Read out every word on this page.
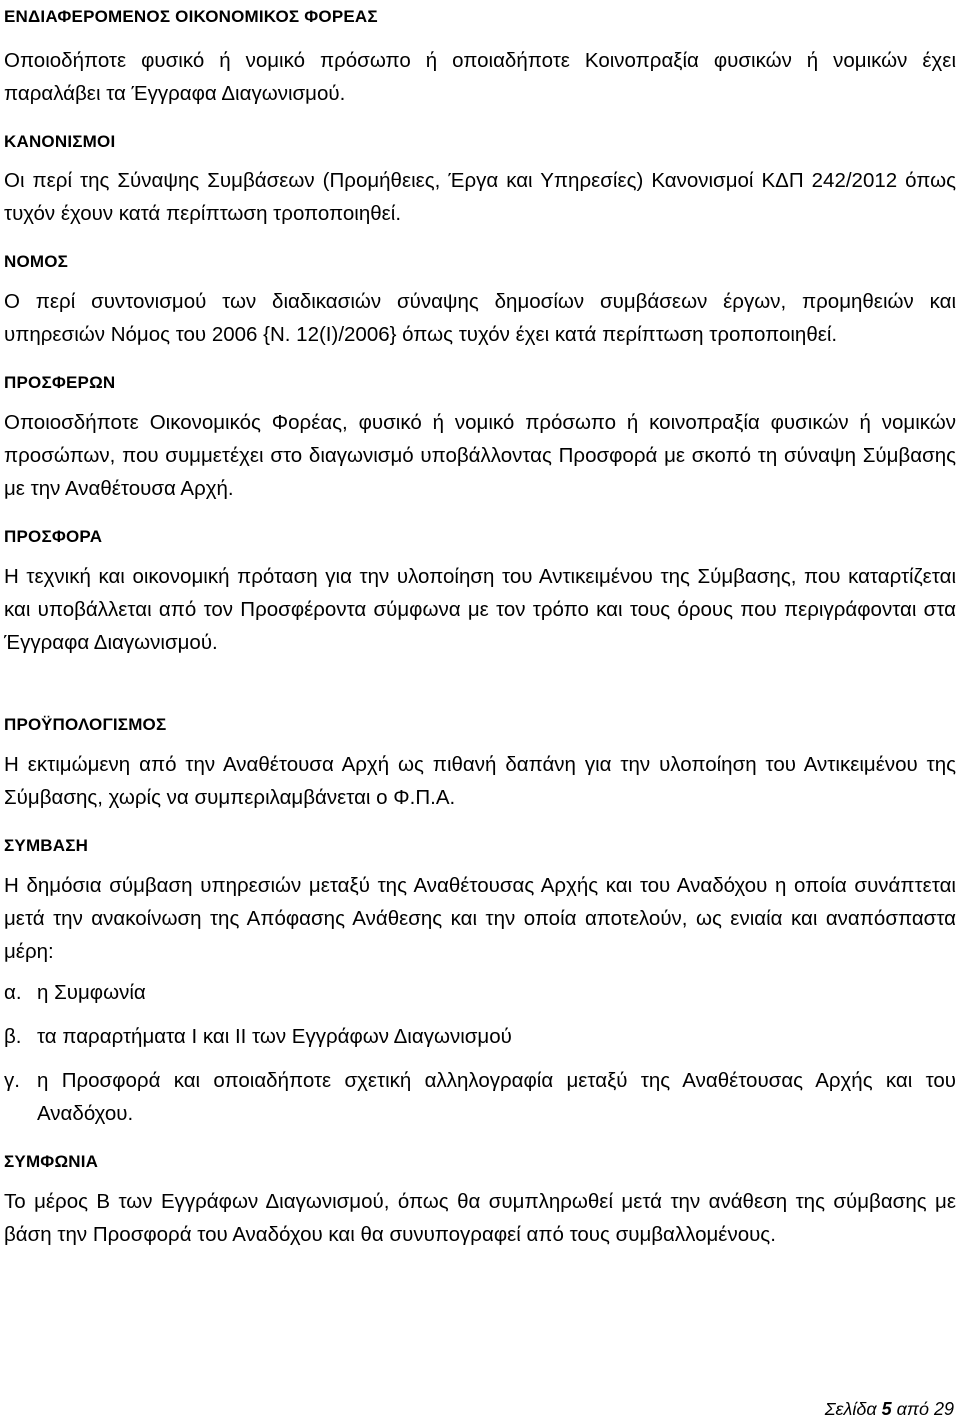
ΕΝΔΙΑΦΕΡΟΜΕΝΟΣ ΟΙΚΟΝΟΜΙΚΟΣ ΦΟΡΕΑΣ

Οποιοδήποτε φυσικό ή νομικό πρόσωπο ή οποιαδήποτε Κοινοπραξία φυσικών ή νομικών έχει παραλάβει τα Έγγραφα Διαγωνισμού.

ΚΑΝΟΝΙΣΜΟΙ

Οι περί της Σύναψης Συμβάσεων (Προμήθειες, Έργα και Υπηρεσίες) Κανονισμοί ΚΔΠ 242/2012 όπως τυχόν έχουν κατά περίπτωση τροποποιηθεί.

ΝΟΜΟΣ

Ο περί συντονισμού των διαδικασιών σύναψης δημοσίων συμβάσεων έργων, προμηθειών και υπηρεσιών Νόμος του 2006 {Ν. 12(Ι)/2006} όπως τυχόν έχει κατά περίπτωση τροποποιηθεί.

ΠΡΟΣΦΕΡΩΝ

Οποιοσδήποτε Οικονομικός Φορέας, φυσικό ή νομικό πρόσωπο ή κοινοπραξία φυσικών ή νομικών προσώπων, που συμμετέχει στο διαγωνισμό υποβάλλοντας Προσφορά με σκοπό τη σύναψη Σύμβασης με την Αναθέτουσα Αρχή.

ΠΡΟΣΦΟΡΑ

Η τεχνική και οικονομική πρόταση για την υλοποίηση του Αντικειμένου της Σύμβασης, που καταρτίζεται και υποβάλλεται από τον Προσφέροντα σύμφωνα με τον τρόπο και τους όρους που περιγράφονται στα Έγγραφα Διαγωνισμού.

ΠΡΟΫΠΟΛΟΓΙΣΜΟΣ

Η εκτιμώμενη από την Αναθέτουσα Αρχή ως πιθανή δαπάνη για την υλοποίηση του Αντικειμένου της Σύμβασης, χωρίς να συμπεριλαμβάνεται ο Φ.Π.Α.

ΣΥΜΒΑΣΗ

Η δημόσια σύμβαση υπηρεσιών μεταξύ της Αναθέτουσας Αρχής και του Αναδόχου η οποία συνάπτεται μετά την ανακοίνωση της Απόφασης Ανάθεσης και την οποία αποτελούν, ως ενιαία και αναπόσπαστα μέρη:

α. η Συμφωνία
β. τα παραρτήματα Ι και ΙΙ των Εγγράφων Διαγωνισμού
γ. η Προσφορά και οποιαδήποτε σχετική αλληλογραφία μεταξύ της Αναθέτουσας Αρχής και του Αναδόχου.

ΣΥΜΦΩΝΙΑ

Το μέρος Β των Εγγράφων Διαγωνισμού, όπως θα συμπληρωθεί μετά την ανάθεση της σύμβασης με βάση την Προσφορά του Αναδόχου και θα συνυπογραφεί από τους συμβαλλομένους.

Σελίδα 5 από 29
